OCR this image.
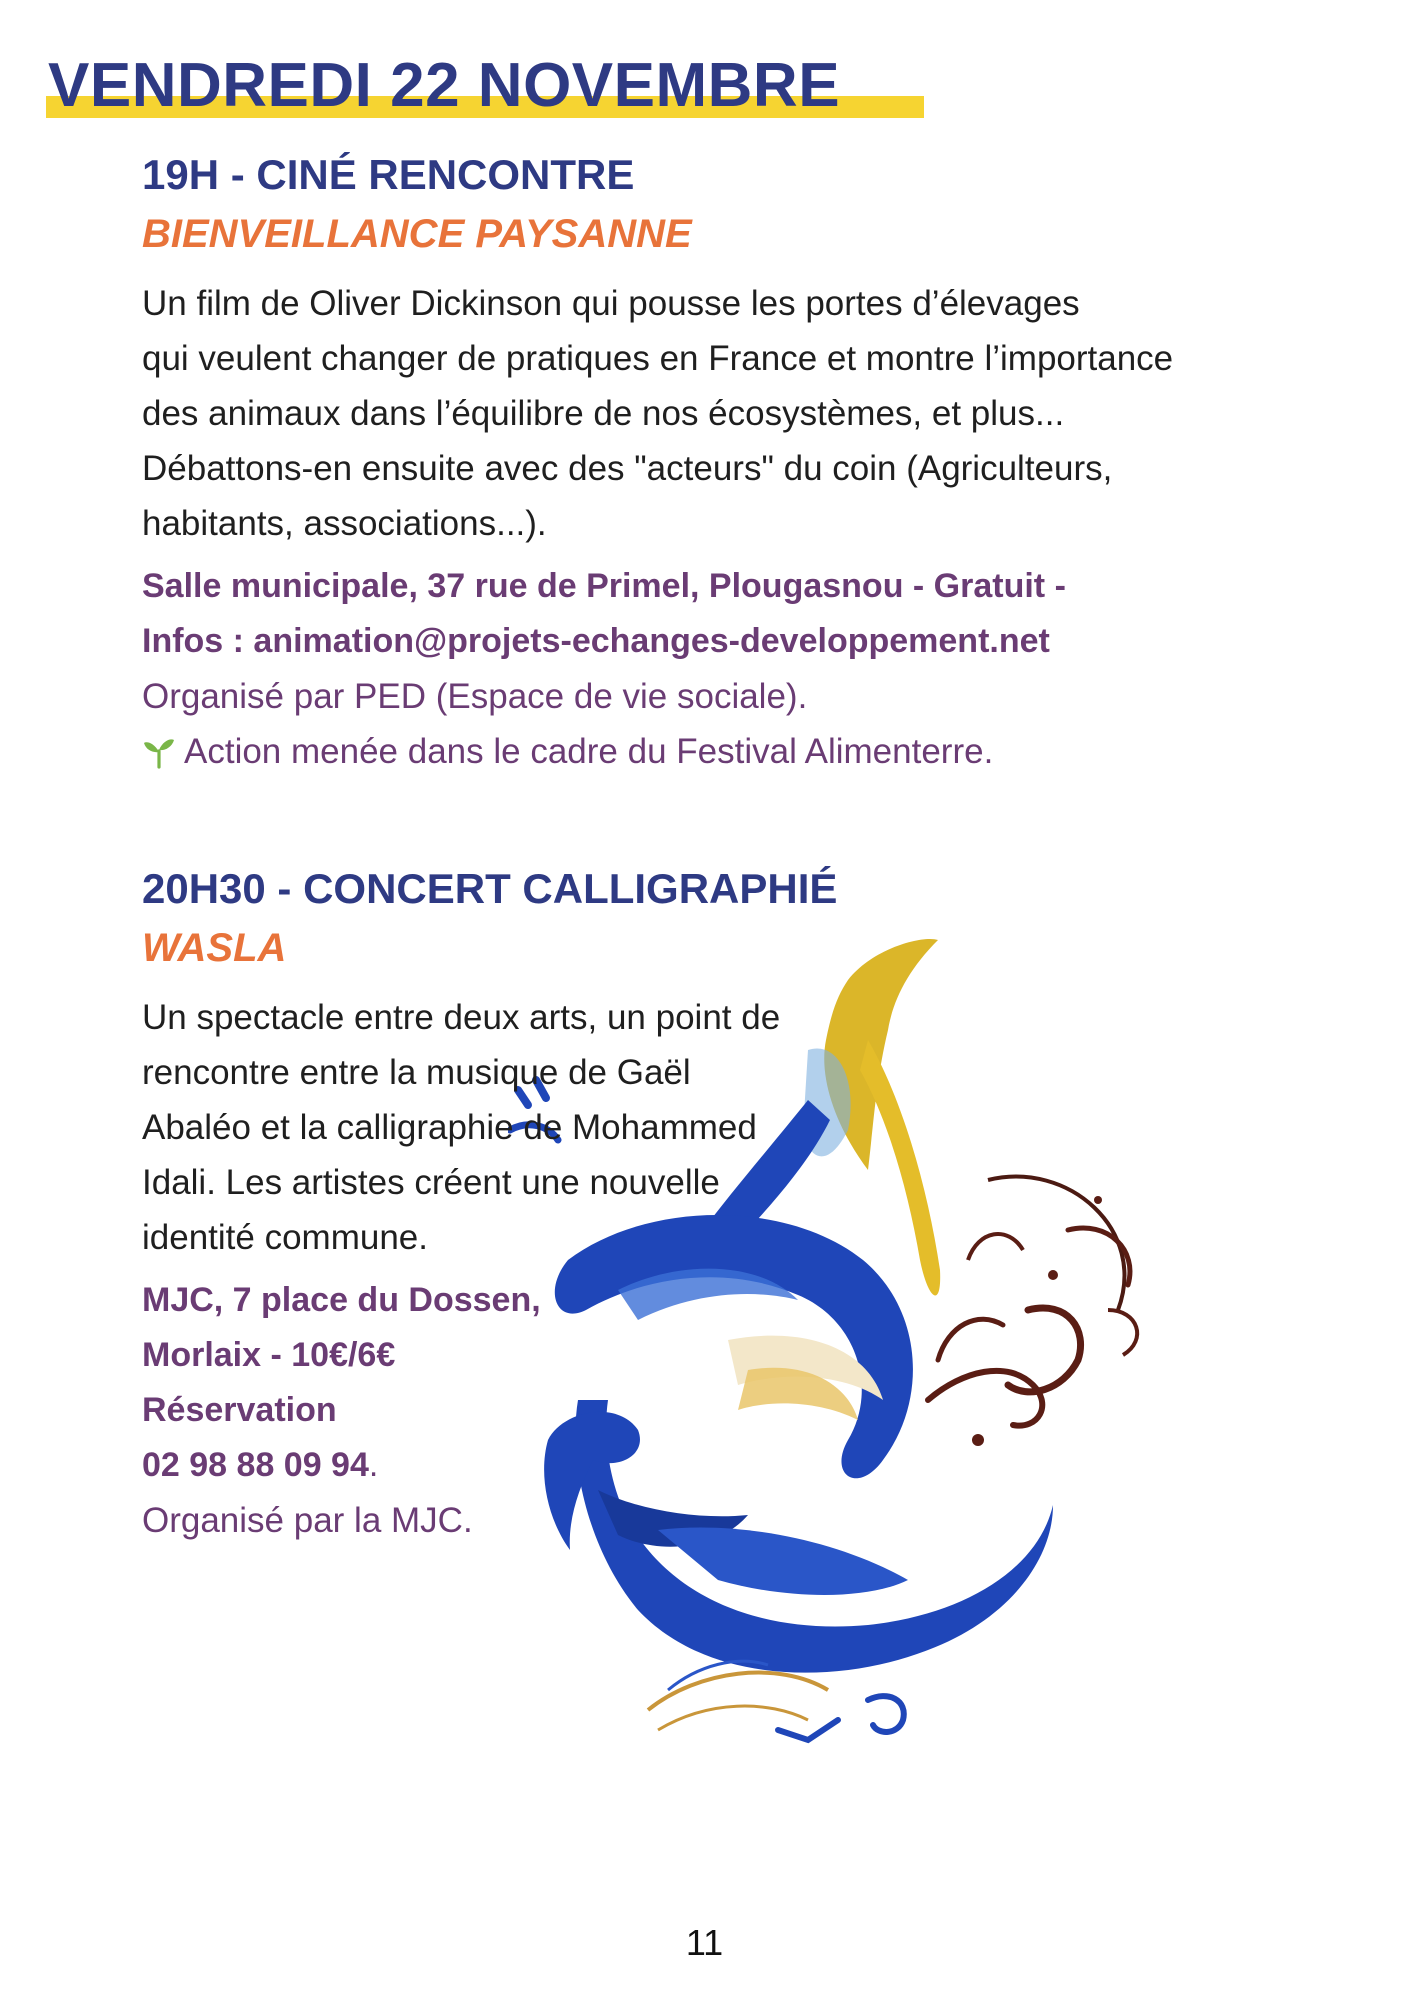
VENDREDI 22 NOVEMBRE
19H - CINÉ RENCONTRE
BIENVEILLANCE PAYSANNE

Un film de Oliver Dickinson qui pousse les portes d’élevages
qui veulent changer de pratiques en France et montre l’importance
des animaux dans l’équilibre de nos écosystèmes, et plus...
Débattons-en ensuite avec des "acteurs" du coin (Agriculteurs,
habitants, associations...).

Salle municipale, 37 rue de Primel, Plougasnou - Gratuit -
Infos : animation@projets-echanges-developpement.net
Organisé par PED (Espace de vie sociale).
Action menée dans le cadre du Festival Alimenterre.
20H30 - CONCERT CALLIGRAPHIÉ
WASLA

Un spectacle entre deux arts, un point de
rencontre entre la musique de Gaël
Abaléo et la calligraphie de Mohammed
Idali. Les artistes créent une nouvelle
identité commune.

MJC, 7 place du Dossen,
Morlaix - 10€/6€
Réservation
02 98 88 09 94.
Organisé par la MJC.
11
